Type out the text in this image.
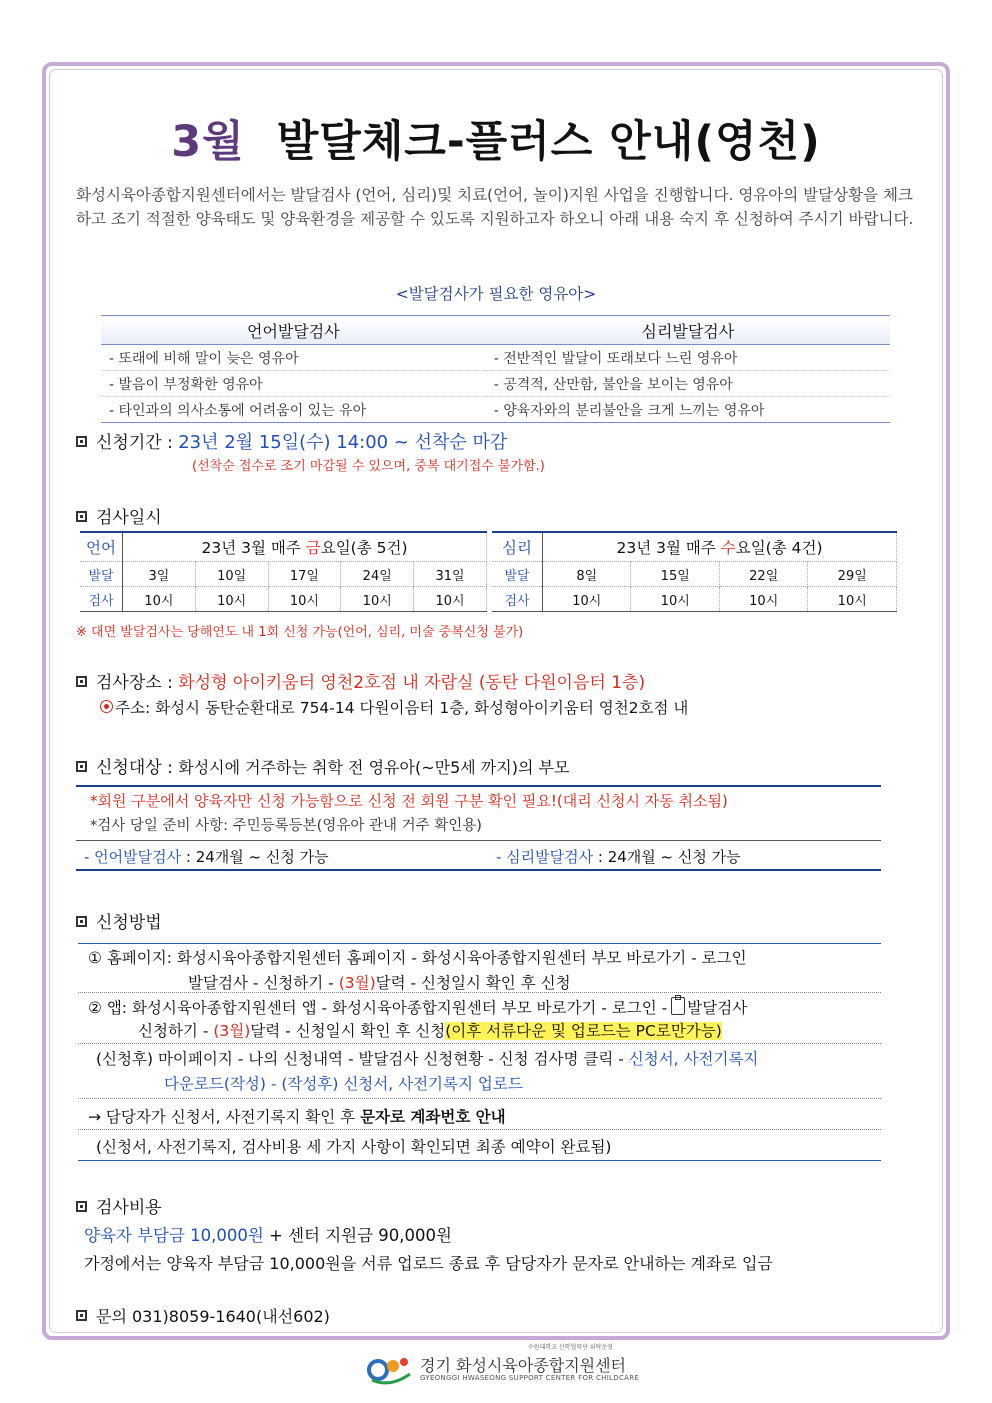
3월 발달체크-플러스 안내(영천)
화성시육아종합지원센터에서는 발달검사 (언어, 심리)및 치료(언어, 놀이)지원 사업을 진행합니다. 영유아의 발달상황을 체크하고 조기 적절한 양육태도 및 양육환경을 제공할 수 있도록 지원하고자 하오니 아래 내용 숙지 후 신청하여 주시기 바랍니다.
<발달검사가 필요한 영유아>
언어발달검사	심리발달검사
- 또래에 비해 말이 늦은 영유아	- 전반적인 발달이 또래보다 느린 영유아
- 발음이 부정확한 영유아	- 공격적, 산만함, 불안을 보이는 영유아
- 타인과의 의사소통에 어려움이 있는 유아	- 양육자와의 분리불안을 크게 느끼는 영유아
신청기간 : 23년 2월 15일(수) 14:00 ~ 선착순 마감
(선착순 접수로 조기 마감될 수 있으며, 중복 대기접수 불가함.)
검사일시
언어	23년 3월 매주 금요일(총 5건)				
발달	3일	10일	17일	24일	31일
검사	10시	10시	10시	10시	10시
심리	23년 3월 매주 수요일(총 4건)			
발달	8일	15일	22일	29일
검사	10시	10시	10시	10시
※ 대면 발달검사는 당해연도 내 1회 신청 가능(언어, 심리, 미술 중복신청 불가)
검사장소 : 화성형 아이키움터 영천2호점 내 자람실 (동탄 다원이음터 1층)
주소: 화성시 동탄순환대로 754-14 다원이음터 1층, 화성형아이키움터 영천2호점 내
신청대상 : 화성시에 거주하는 취학 전 영유아(~만5세 까지)의 부모
*회원 구분에서 양육자만 신청 가능함으로 신청 전 회원 구분 확인 필요!(대리 신청시 자동 취소됨)
*검사 당일 준비 사항: 주민등록등본(영유아 관내 거주 확인용)
- 언어발달검사 : 24개월 ~ 신청 가능	- 심리발달검사 : 24개월 ~ 신청 가능
신청방법
① 홈페이지: 화성시육아종합지원센터 홈페이지 - 화성시육아종합지원센터 부모 바로가기 - 로그인
발달검사 - 신청하기 - (3월)달력 - 신청일시 확인 후 신청
② 앱: 화성시육아종합지원센터 앱 - 화성시육아종합지원센터 부모 바로가기 - 로그인 - 발달검사
신청하기 - (3월)달력 - 신청일시 확인 후 신청(이후 서류다운 및 업로드는 PC로만가능)
(신청후) 마이페이지 - 나의 신청내역 - 발달검사 신청현황 - 신청 검사명 클릭 - 신청서, 사전기록지
다운로드(작성) - (작성후) 신청서, 사전기록지 업로드
→ 담당자가 신청서, 사전기록지 확인 후 문자로 계좌번호 안내
(신청서, 사전기록지, 검사비용 세 가지 사항이 확인되면 최종 예약이 완료됨)
검사비용
양육자 부담금 10,000원 + 센터 지원금 90,000원
가정에서는 양육자 부담금 10,000원을 서류 업로드 종료 후 담당자가 문자로 안내하는 계좌로 입금
문의 031)8059-1640(내선602)
수원대학교 산학협력단 위탁운영
경기 화성시육아종합지원센터
GYEONGGI HWASEONG SUPPORT CENTER FOR CHILDCARE
